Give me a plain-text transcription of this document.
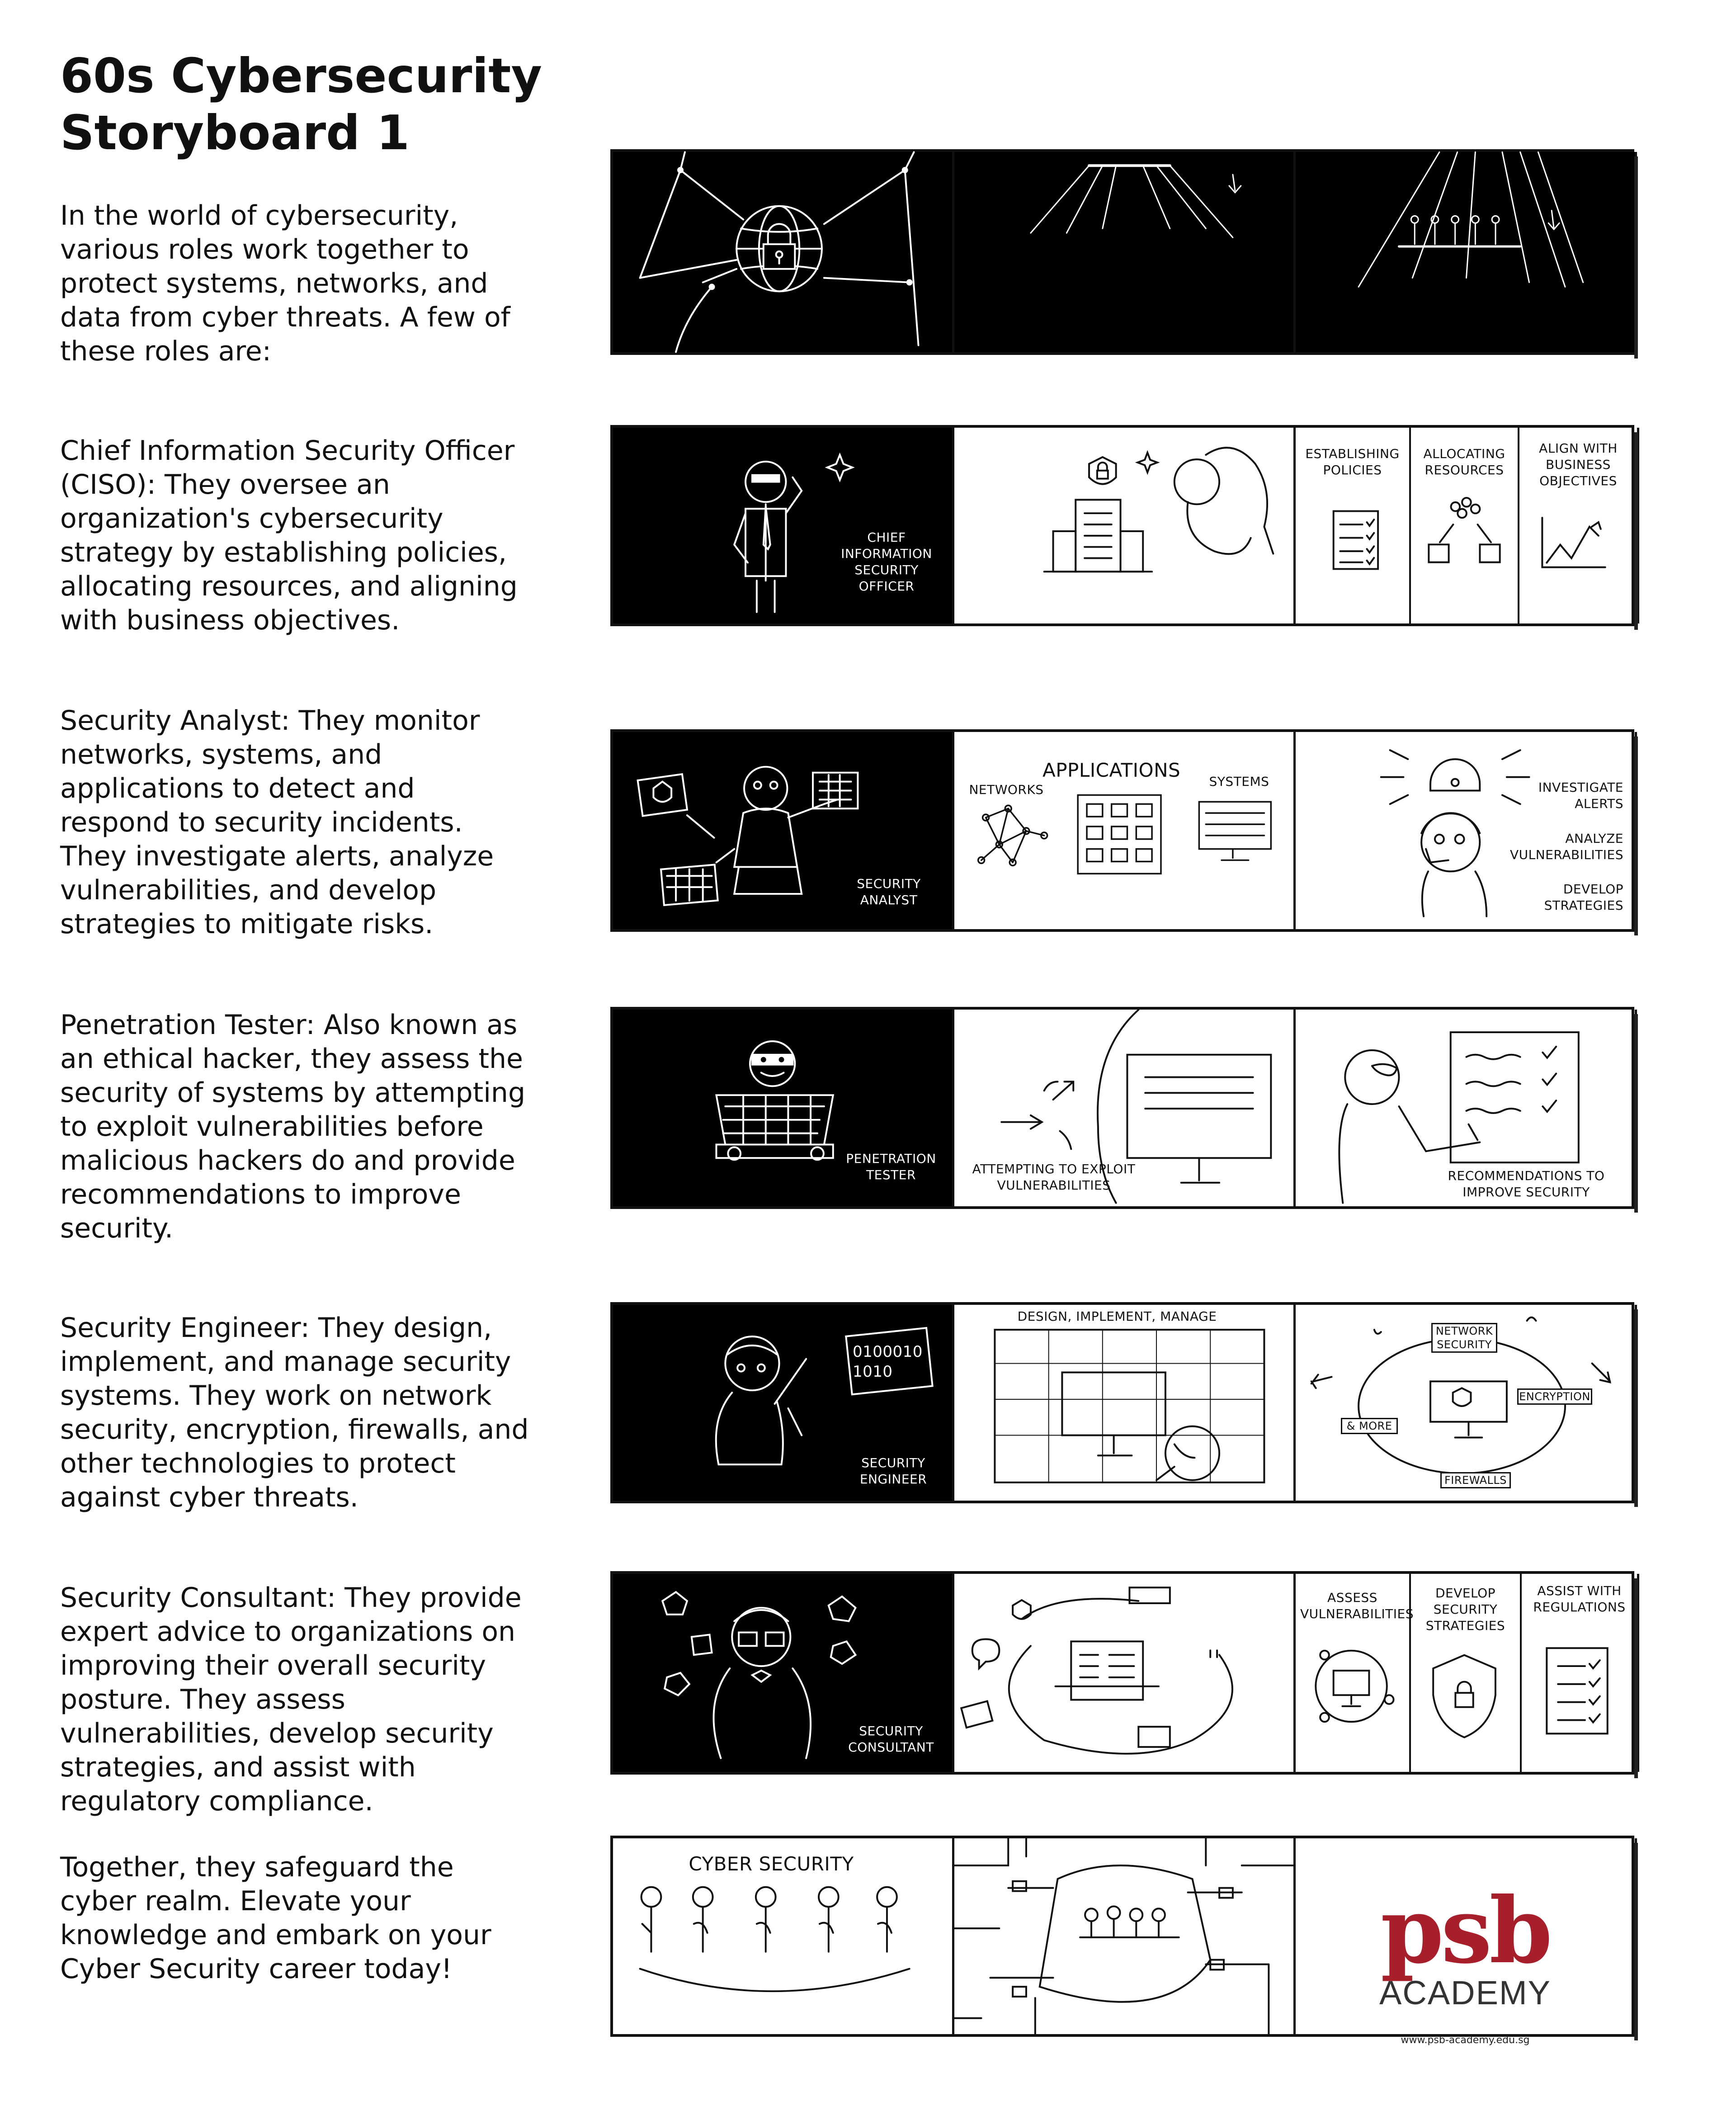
60s Cybersecurity
Storyboard 1

In the world of cybersecurity, various roles work together to protect systems, networks, and data from cyber threats. A few of these roles are:

Chief Information Security Officer (CISO): They oversee an organization's cybersecurity strategy by establishing policies, allocating resources, and aligning with business objectives.

Security Analyst: They monitor networks, systems, and applications to detect and respond to security incidents. They investigate alerts, analyze vulnerabilities, and develop strategies to mitigate risks.

Penetration Tester: Also known as an ethical hacker, they assess the security of systems by attempting to exploit vulnerabilities before malicious hackers do and provide recommendations to improve security.

Security Engineer: They design, implement, and manage security systems. They work on network security, encryption, firewalls, and other technologies to protect against cyber threats.

Security Consultant: They provide expert advice to organizations on improving their overall security posture. They assess vulnerabilities, develop security strategies, and assist with regulatory compliance.

Together, they safeguard the cyber realm. Elevate your knowledge and embark on your Cyber Security career today!

CHIEF INFORMATION SECURITY OFFICER
ESTABLISHING POLICIES
ALLOCATING RESOURCES
ALIGN WITH BUSINESS OBJECTIVES
SECURITY ANALYST
APPLICATIONS
NETWORKS
SYSTEMS	INVESTIGATE ALERTS
ANALYZE VULNERABILITIES
DEVELOP STRATEGIES
PENETRATION TESTER	ATTEMPTING TO EXPLOIT VULNERABILITIES
RECOMMENDATIONS TO IMPROVE SECURITY
0100010 1010
SECURITY ENGINEER
DESIGN, IMPLEMENT, MANAGE
NETWORK SECURITY
ENCRYPTION
& MORE
FIREWALLS
SECURITY CONSULTANT
ASSESS VULNERABILITIES
DEVELOP SECURITY STRATEGIES
ASSIST WITH REGULATIONS
CYBER SECURITY
psb
ACADEMY
www.psb-academy.edu.sg
